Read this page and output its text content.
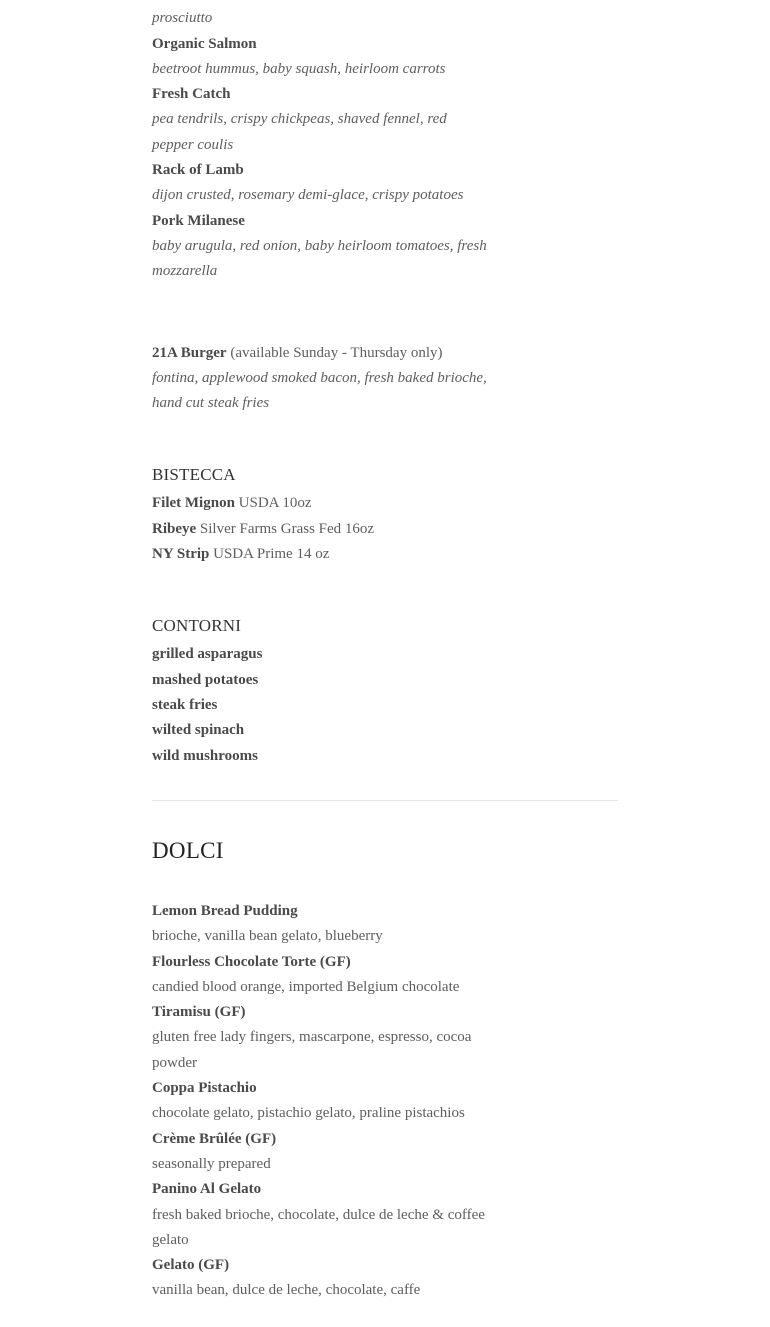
prosciutto
Organic Salmon
beetroot hummus, baby squash, heirloom carrots
Fresh Catch
pea tendrils, crispy chickpeas, shaved fennel, red pepper coulis
Rack of Lamb
dijon crusted, rosemary demi-glace, crispy potatoes
Pork Milanese
baby arugula, red onion, baby heirloom tomatoes, fresh mozzarella
21A Burger (available Sunday - Thursday only)
fontina, applewood smoked bacon, fresh baked brioche, hand cut steak fries
BISTECCA
Filet Mignon USDA 10oz
Ribeye Silver Farms Grass Fed 16oz
NY Strip USDA Prime 14 oz
CONTORNI
grilled asparagus
mashed potatoes
steak fries
wilted spinach
wild mushrooms
DOLCI
Lemon Bread Pudding
brioche, vanilla bean gelato, blueberry
Flourless Chocolate Torte (GF)
candied blood orange, imported Belgium chocolate
Tiramisu (GF)
gluten free lady fingers, mascarpone, espresso, cocoa powder
Coppa Pistachio
chocolate gelato, pistachio gelato, praline pistachios
Crème Brûlée (GF)
seasonally prepared
Panino Al Gelato
fresh baked brioche, chocolate, dulce de leche & coffee gelato
Gelato (GF)
vanilla bean, dulce de leche, chocolate, caffe
